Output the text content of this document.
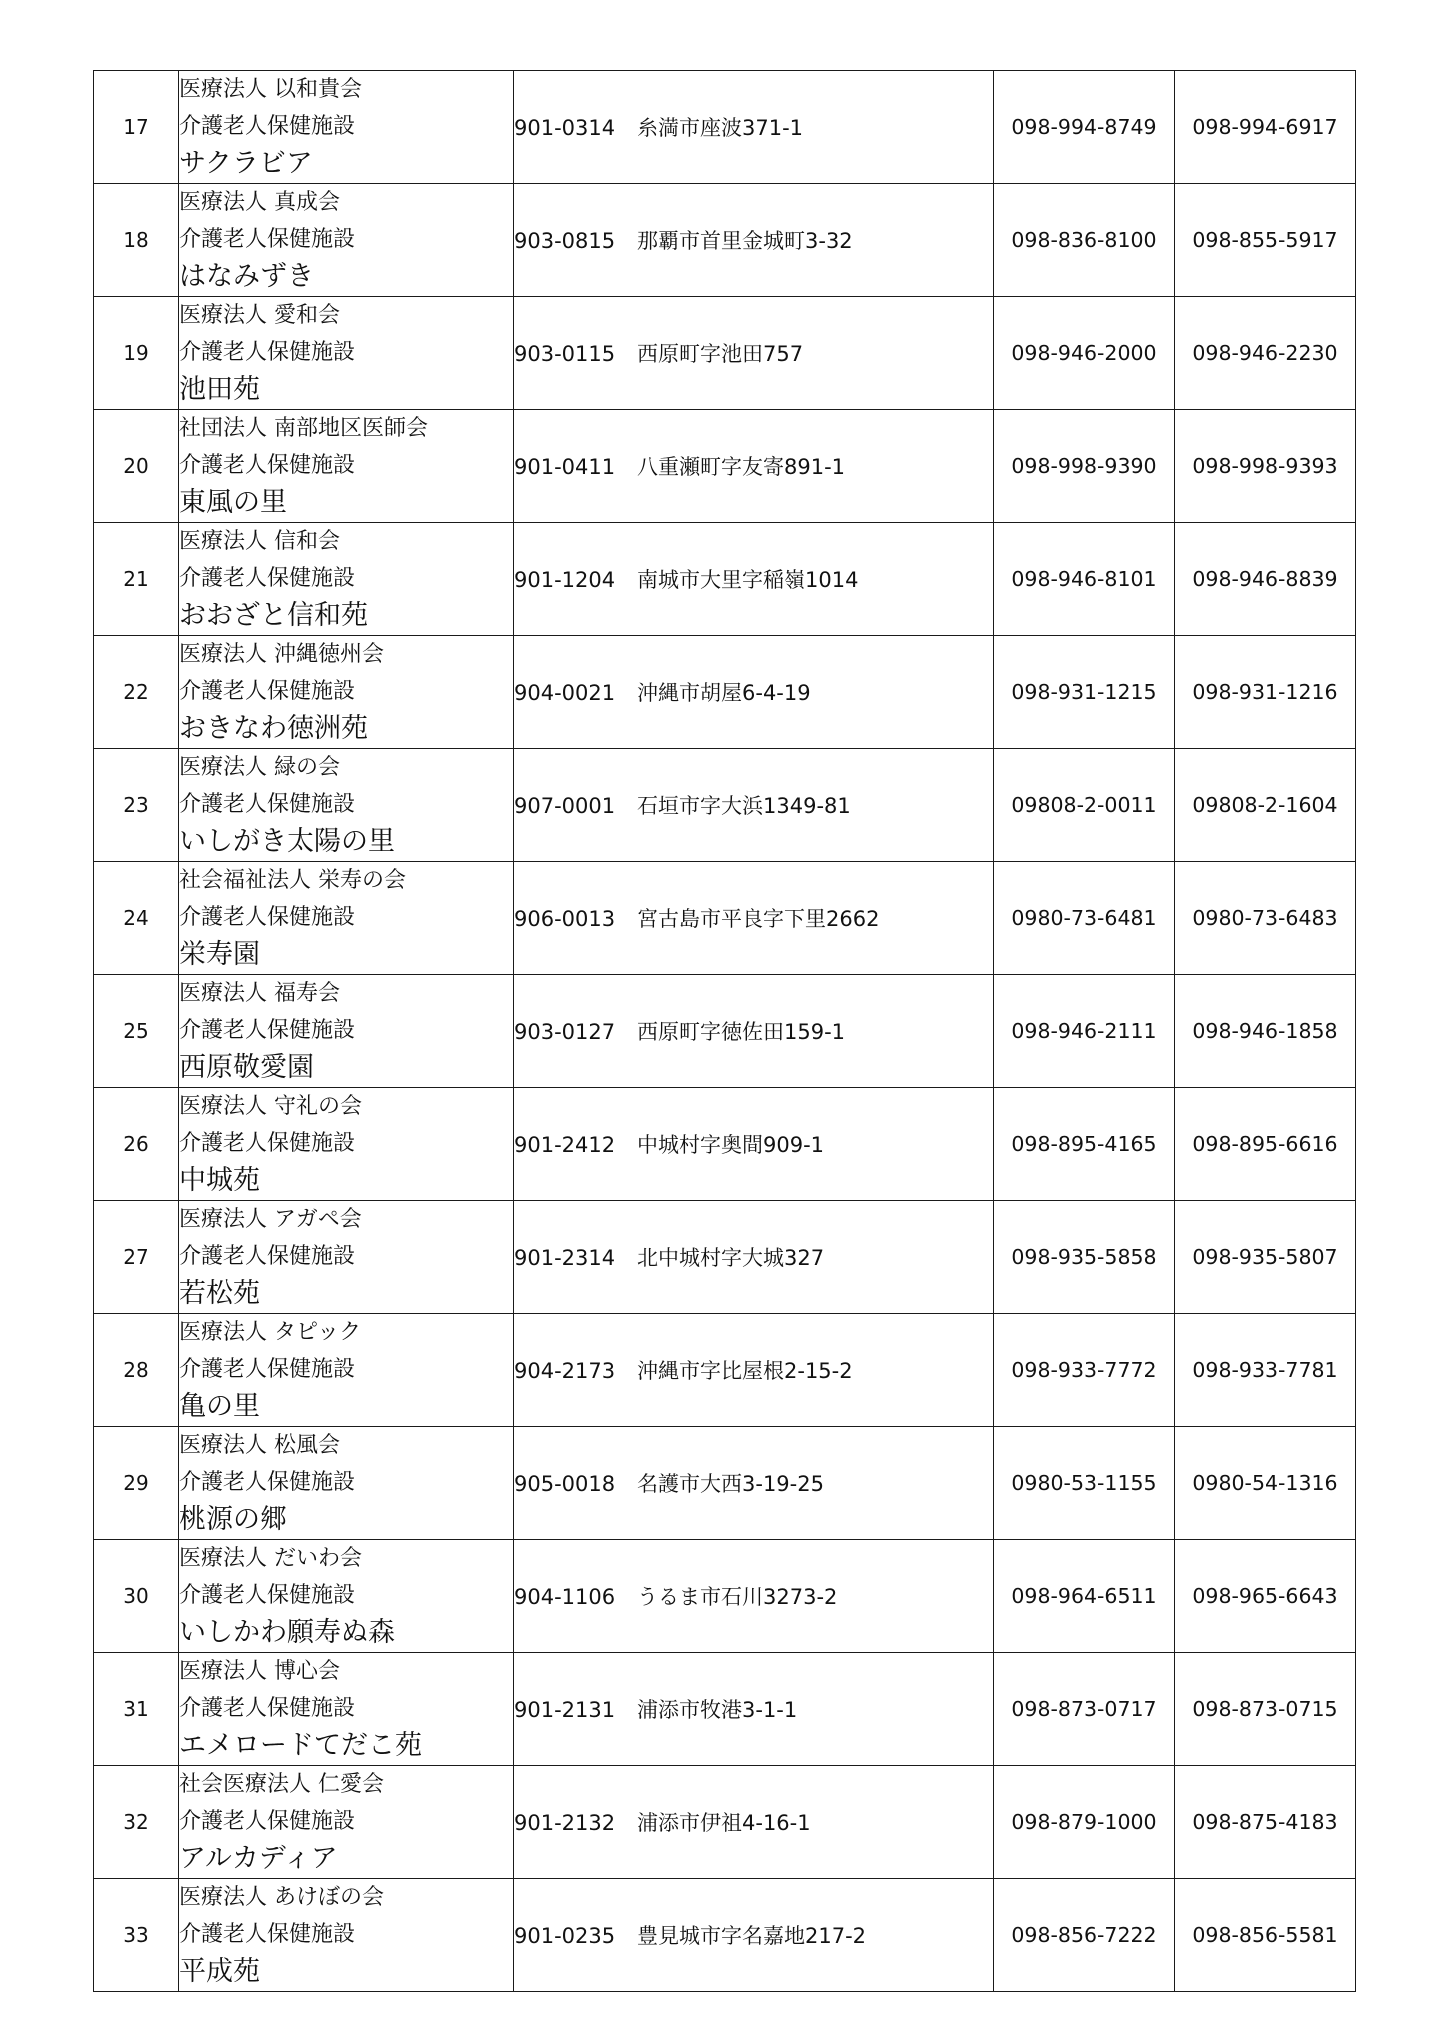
17	医療法人 以和貴会
介護老人保健施設
サクラビア	901-0314 糸満市座波371-1	098-994-8749	098-994-6917
18	医療法人 真成会
介護老人保健施設
はなみずき	903-0815 那覇市首里金城町3-32	098-836-8100	098-855-5917
19	医療法人 愛和会
介護老人保健施設
池田苑	903-0115 西原町字池田757	098-946-2000	098-946-2230
20	社団法人 南部地区医師会
介護老人保健施設
東風の里	901-0411 八重瀬町字友寄891-1	098-998-9390	098-998-9393
21	医療法人 信和会
介護老人保健施設
おおざと信和苑	901-1204 南城市大里字稲嶺1014	098-946-8101	098-946-8839
22	医療法人 沖縄徳州会
介護老人保健施設
おきなわ徳洲苑	904-0021 沖縄市胡屋6-4-19	098-931-1215	098-931-1216
23	医療法人 緑の会
介護老人保健施設
いしがき太陽の里	907-0001 石垣市字大浜1349-81	09808-2-0011	09808-2-1604
24	社会福祉法人 栄寿の会
介護老人保健施設
栄寿園	906-0013 宮古島市平良字下里2662	0980-73-6481	0980-73-6483
25	医療法人 福寿会
介護老人保健施設
西原敬愛園	903-0127 西原町字徳佐田159-1	098-946-2111	098-946-1858
26	医療法人 守礼の会
介護老人保健施設
中城苑	901-2412 中城村字奥間909-1	098-895-4165	098-895-6616
27	医療法人 アガペ会
介護老人保健施設
若松苑	901-2314 北中城村字大城327	098-935-5858	098-935-5807
28	医療法人 タピック
介護老人保健施設
亀の里	904-2173 沖縄市字比屋根2-15-2	098-933-7772	098-933-7781
29	医療法人 松風会
介護老人保健施設
桃源の郷	905-0018 名護市大西3-19-25	0980-53-1155	0980-54-1316
30	医療法人 だいわ会
介護老人保健施設
いしかわ願寿ぬ森	904-1106 うるま市石川3273-2	098-964-6511	098-965-6643
31	医療法人 博心会
介護老人保健施設
エメロードてだこ苑	901-2131 浦添市牧港3-1-1	098-873-0717	098-873-0715
32	社会医療法人 仁愛会
介護老人保健施設
アルカディア	901-2132 浦添市伊祖4-16-1	098-879-1000	098-875-4183
33	医療法人 あけぼの会
介護老人保健施設
平成苑	901-0235 豊見城市字名嘉地217-2	098-856-7222	098-856-5581
